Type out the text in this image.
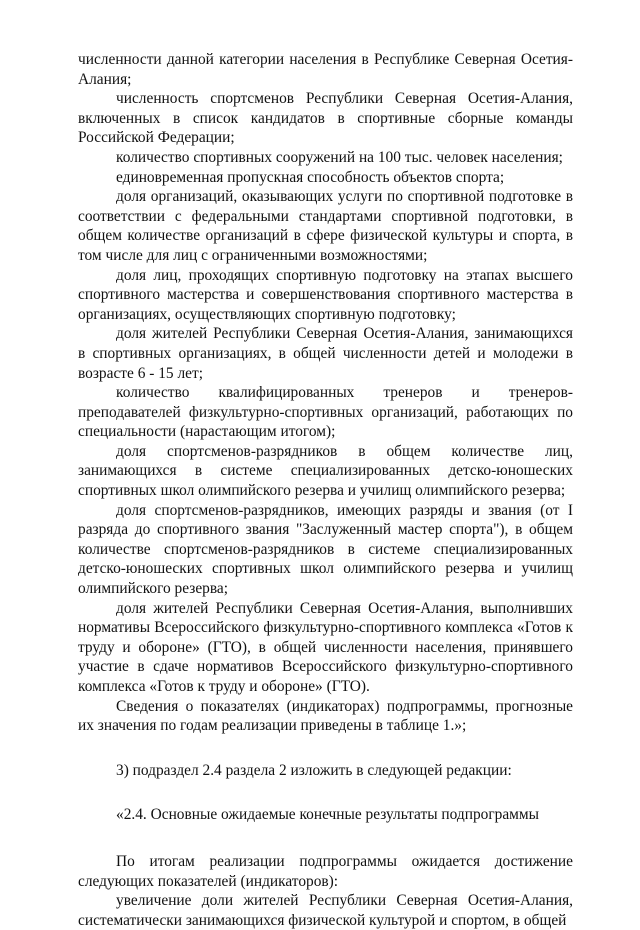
численности данной категории населения в Республике Северная Осетия-Алания;

численность спортсменов Республики Северная Осетия-Алания, включенных в список кандидатов в спортивные сборные команды Российской Федерации;

количество спортивных сооружений на 100 тыс. человек населения;

единовременная пропускная способность объектов спорта;

доля организаций, оказывающих услуги по спортивной подготовке в соответствии с федеральными стандартами спортивной подготовки, в общем количестве организаций в сфере физической культуры и спорта, в том числе для лиц с ограниченными возможностями;

доля лиц, проходящих спортивную подготовку на этапах высшего спортивного мастерства и совершенствования спортивного мастерства в организациях, осуществляющих спортивную подготовку;

доля жителей Республики Северная Осетия-Алания, занимающихся в спортивных организациях, в общей численности детей и молодежи в возрасте 6 - 15 лет;

количество квалифицированных тренеров и тренеров-преподавателей физкультурно-спортивных организаций, работающих по специальности (нарастающим итогом);

доля спортсменов-разрядников в общем количестве лиц, занимающихся в системе специализированных детско-юношеских спортивных школ олимпийского резерва и училищ олимпийского резерва;

доля спортсменов-разрядников, имеющих разряды и звания (от I разряда до спортивного звания "Заслуженный мастер спорта"), в общем количестве спортсменов-разрядников в системе специализированных детско-юношеских спортивных школ олимпийского резерва и училищ олимпийского резерва;

доля жителей Республики Северная Осетия-Алания, выполнивших нормативы Всероссийского физкультурно-спортивного комплекса «Готов к труду и обороне» (ГТО), в общей численности населения, принявшего участие в сдаче нормативов Всероссийского физкультурно-спортивного комплекса «Готов к труду и обороне» (ГТО).

Сведения о показателях (индикаторах) подпрограммы, прогнозные их значения по годам реализации приведены в таблице 1.»;

3) подраздел 2.4 раздела 2 изложить в следующей редакции:

«2.4. Основные ожидаемые конечные результаты подпрограммы

По итогам реализации подпрограммы ожидается достижение следующих показателей (индикаторов):

увеличение доли жителей Республики Северная Осетия-Алания, систематически занимающихся физической культурой и спортом, в общей
